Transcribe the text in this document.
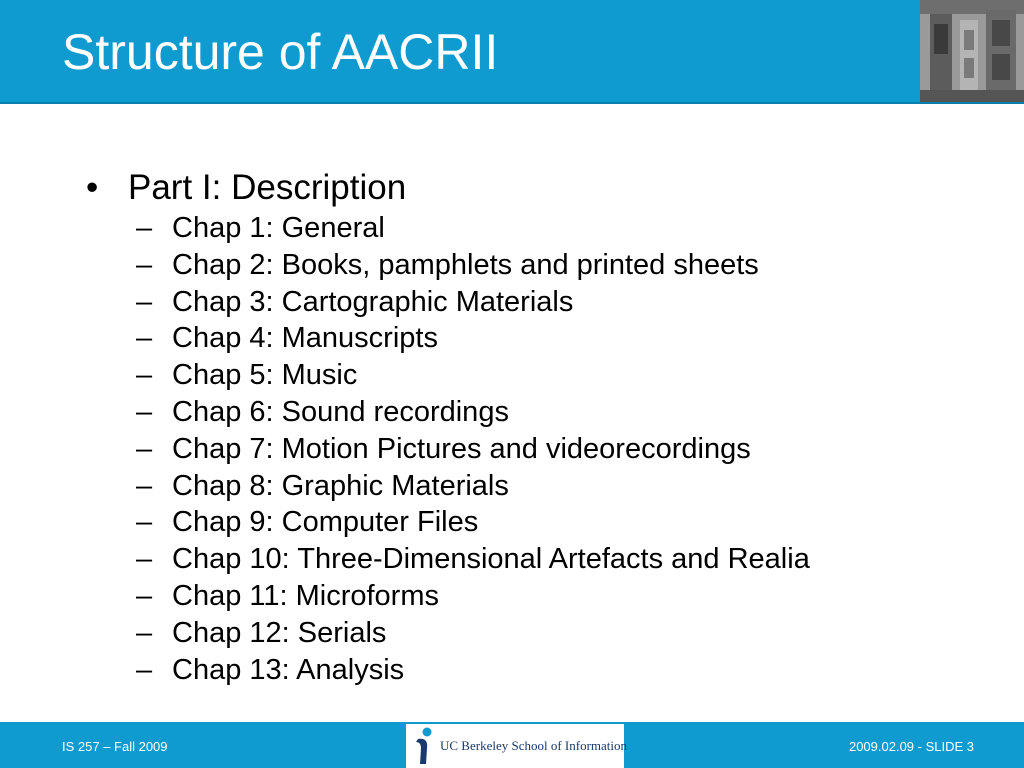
Structure of AACRII
• Part I: Description
– Chap 1: General
– Chap 2: Books, pamphlets and printed sheets
– Chap 3: Cartographic Materials
– Chap 4: Manuscripts
– Chap 5: Music
– Chap 6: Sound recordings
– Chap 7: Motion Pictures and videorecordings
– Chap 8: Graphic Materials
– Chap 9: Computer Files
– Chap 10: Three-Dimensional Artefacts and Realia
– Chap 11: Microforms
– Chap 12: Serials
– Chap 13: Analysis
IS 257 – Fall 2009	2009.02.09 - SLIDE 3
UC Berkeley School of Information
